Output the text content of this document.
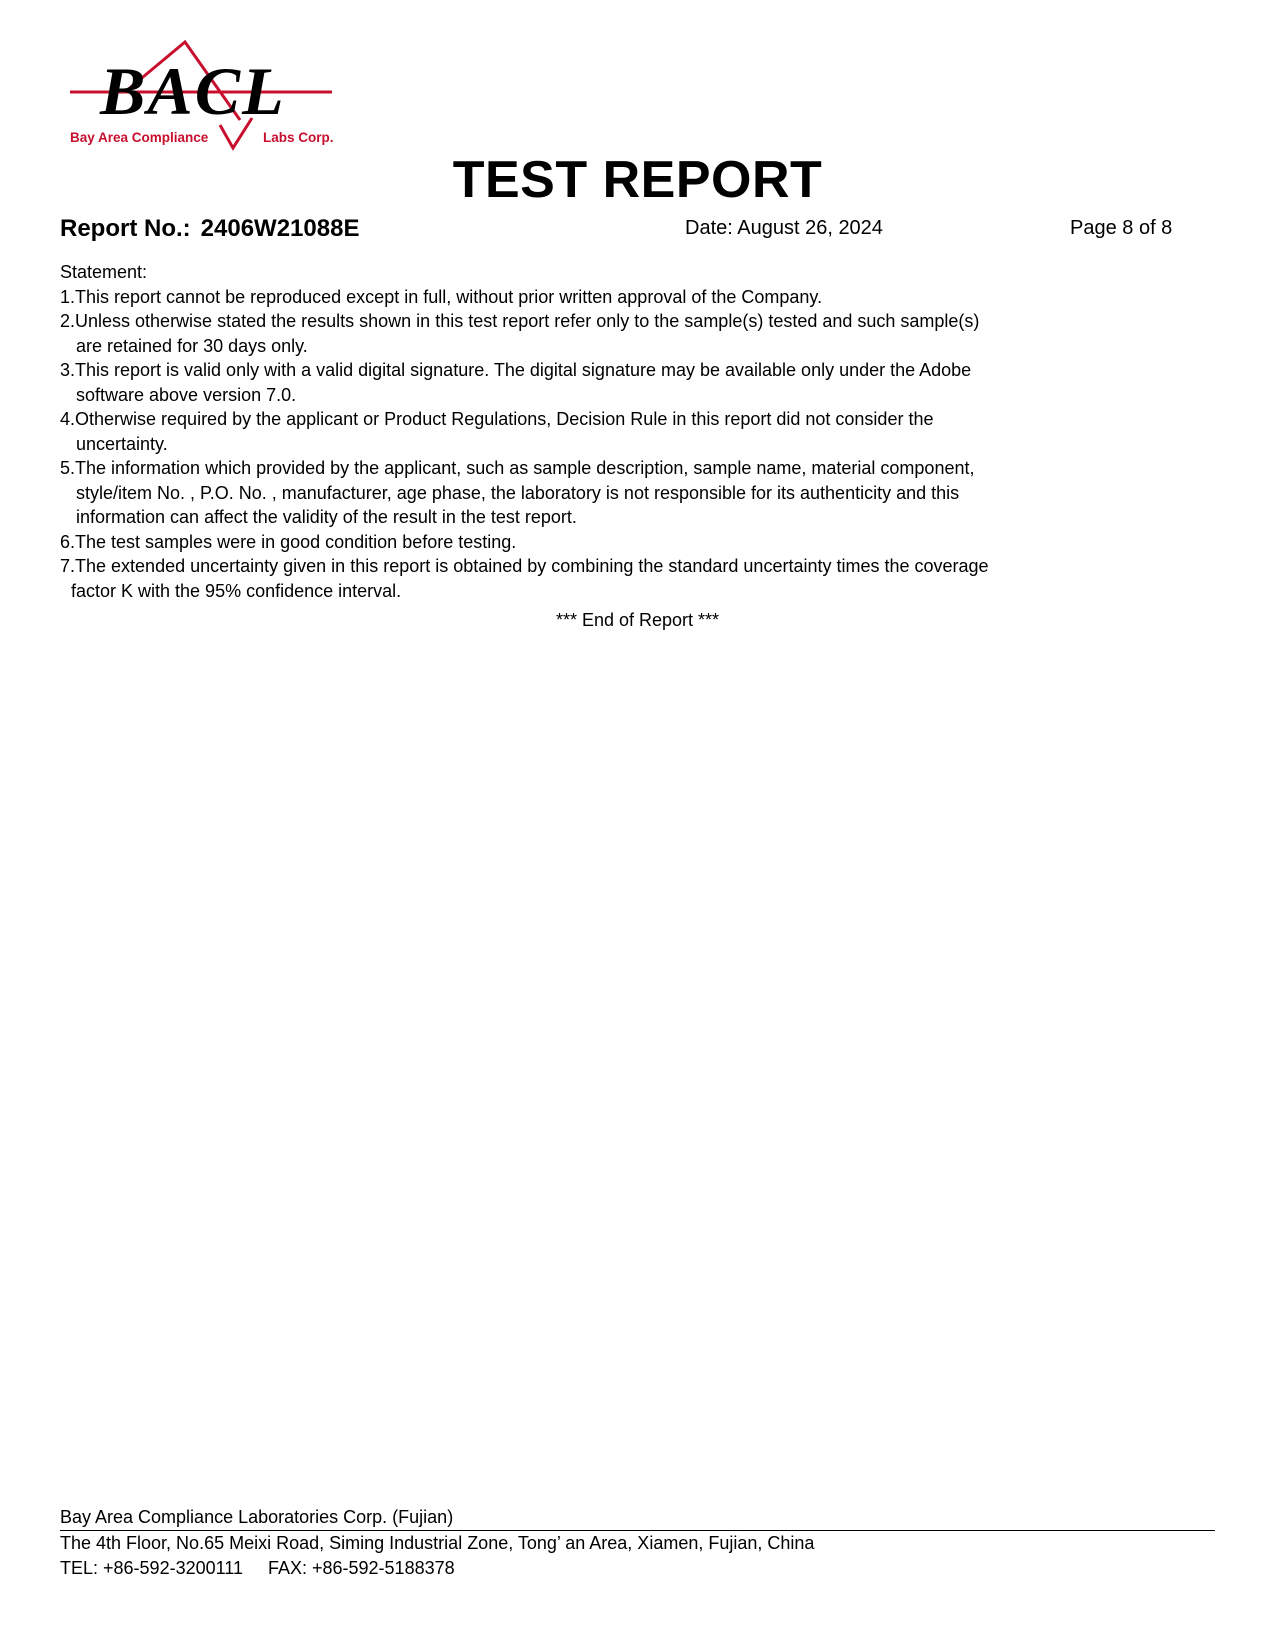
BACL
Bay Area Compliance	Labs Corp.
TEST REPORT
Report No.: 2406W21088E	Date: August 26, 2024	Page 8 of 8

Statement:

1.This report cannot be reproduced except in full, without prior written approval of the Company.

2.Unless otherwise stated the results shown in this test report refer only to the sample(s) tested and such sample(s)

are retained for 30 days only.

3.This report is valid only with a valid digital signature. The digital signature may be available only under the Adobe

software above version 7.0.

4.Otherwise required by the applicant or Product Regulations, Decision Rule in this report did not consider the

uncertainty.

5.The information which provided by the applicant, such as sample description, sample name, material component,

style/item No. , P.O. No. , manufacturer, age phase, the laboratory is not responsible for its authenticity and this

information can affect the validity of the result in the test report.

6.The test samples were in good condition before testing.

7.The extended uncertainty given in this report is obtained by combining the standard uncertainty times the coverage

factor K with the 95% confidence interval.

*** End of Report ***

Bay Area Compliance Laboratories Corp. (Fujian)

The 4th Floor, No.65 Meixi Road, Siming Industrial Zone, Tong’ an Area, Xiamen, Fujian, China

TEL: +86-592-3200111     FAX: +86-592-5188378
